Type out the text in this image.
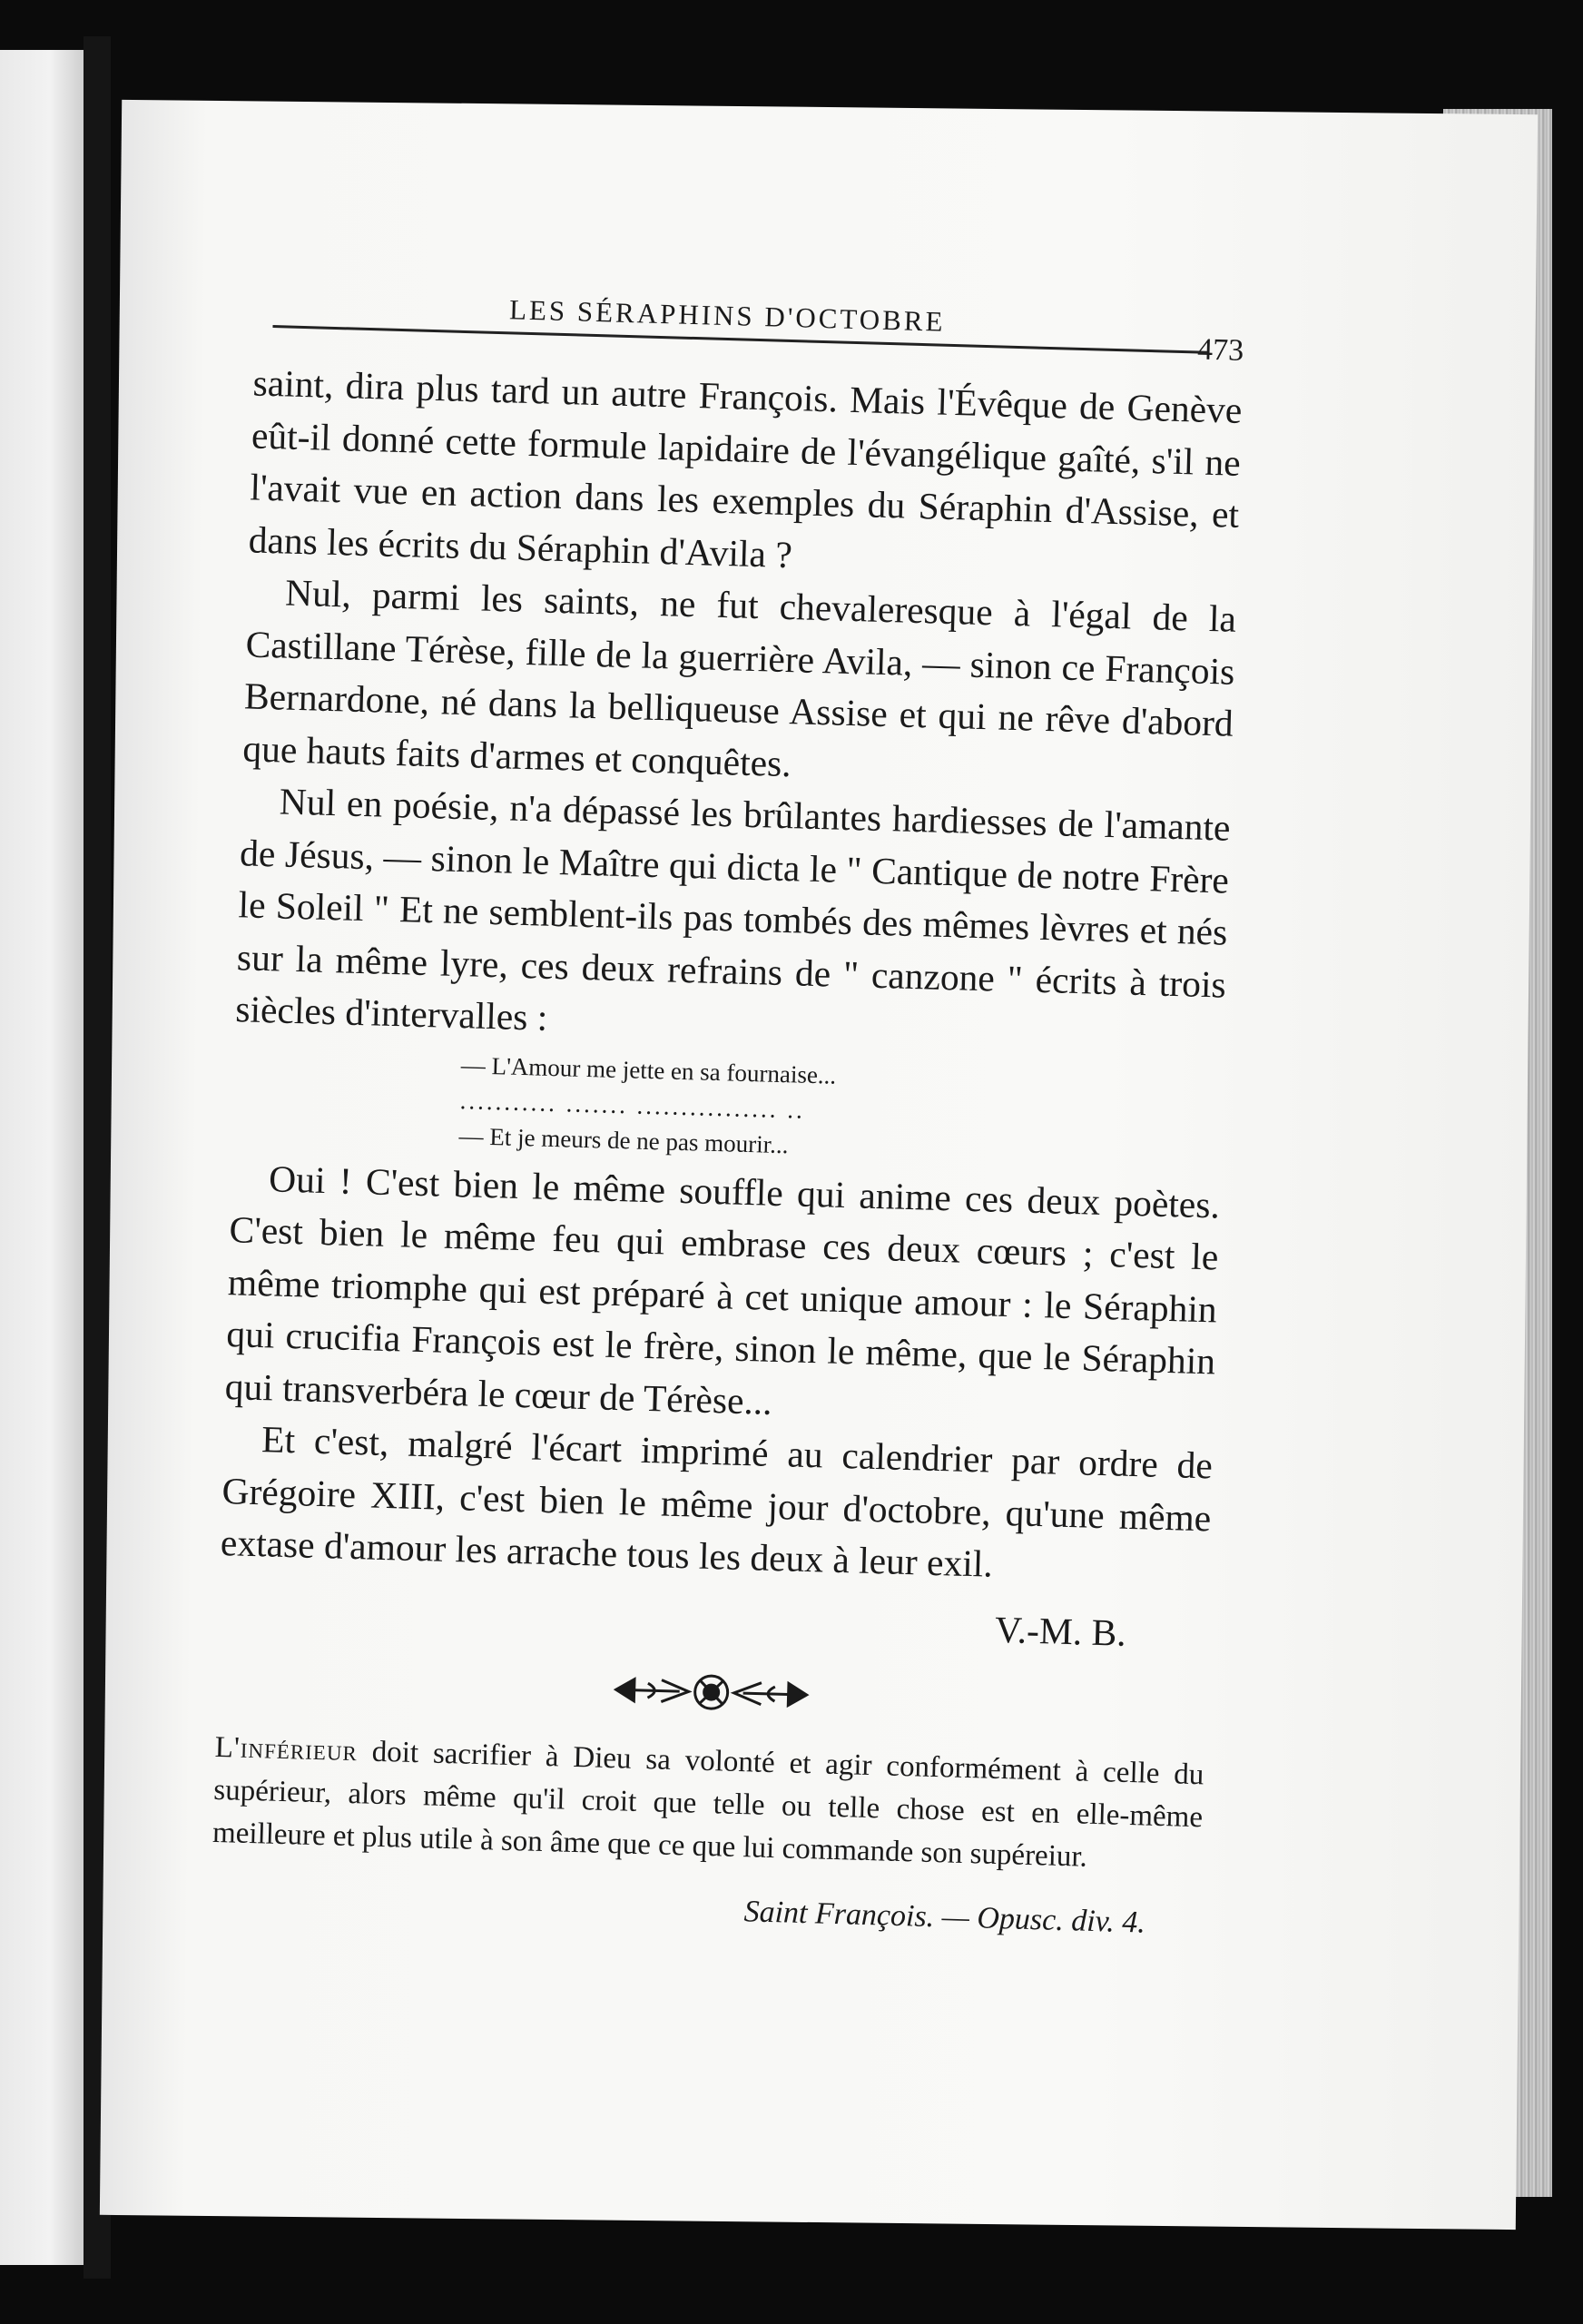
LES SÉRAPHINS D'OCTOBRE
473

saint, dira plus tard un autre François. Mais l'Évêque de Genève eût-il donné cette formule lapidaire de l'évangélique gaîté, s'il ne l'avait vue en action dans les exemples du Séraphin d'Assise, et dans les écrits du Séraphin d'Avila ?

Nul, parmi les saints, ne fut chevaleresque à l'égal de la Castillane Térèse, fille de la guerrière Avila, — sinon ce François Bernardone, né dans la belliqueuse Assise et qui ne rêve d'abord que hauts faits d'armes et conquêtes.

Nul en poésie, n'a dépassé les brûlantes hardiesses de l'amante de Jésus, — sinon le Maître qui dicta le " Cantique de notre Frère le Soleil " Et ne semblent-ils pas tombés des mêmes lèvres et nés sur la même lyre, ces deux refrains de " canzone " écrits à trois siècles d'intervalles :

— L'Amour me jette en sa fournaise...

........... ....... ................ ..

— Et je meurs de ne pas mourir...

Oui ! C'est bien le même souffle qui anime ces deux poètes. C'est bien le même feu qui embrase ces deux cœurs ; c'est le même triomphe qui est préparé à cet unique amour : le Séraphin qui crucifia François est le frère, sinon le même, que le Séraphin qui transverbéra le cœur de Térèse...

Et c'est, malgré l'écart imprimé au calendrier par ordre de Grégoire XIII, c'est bien le même jour d'octobre, qu'une même extase d'amour les arrache tous les deux à leur exil.

V.-M. B.

L'inférieur doit sacrifier à Dieu sa volonté et agir conformément à celle du supérieur, alors même qu'il croit que telle ou telle chose est en elle-même meilleure et plus utile à son âme que ce que lui commande son supéreiur.

Saint François. — Opusc. div. 4.
